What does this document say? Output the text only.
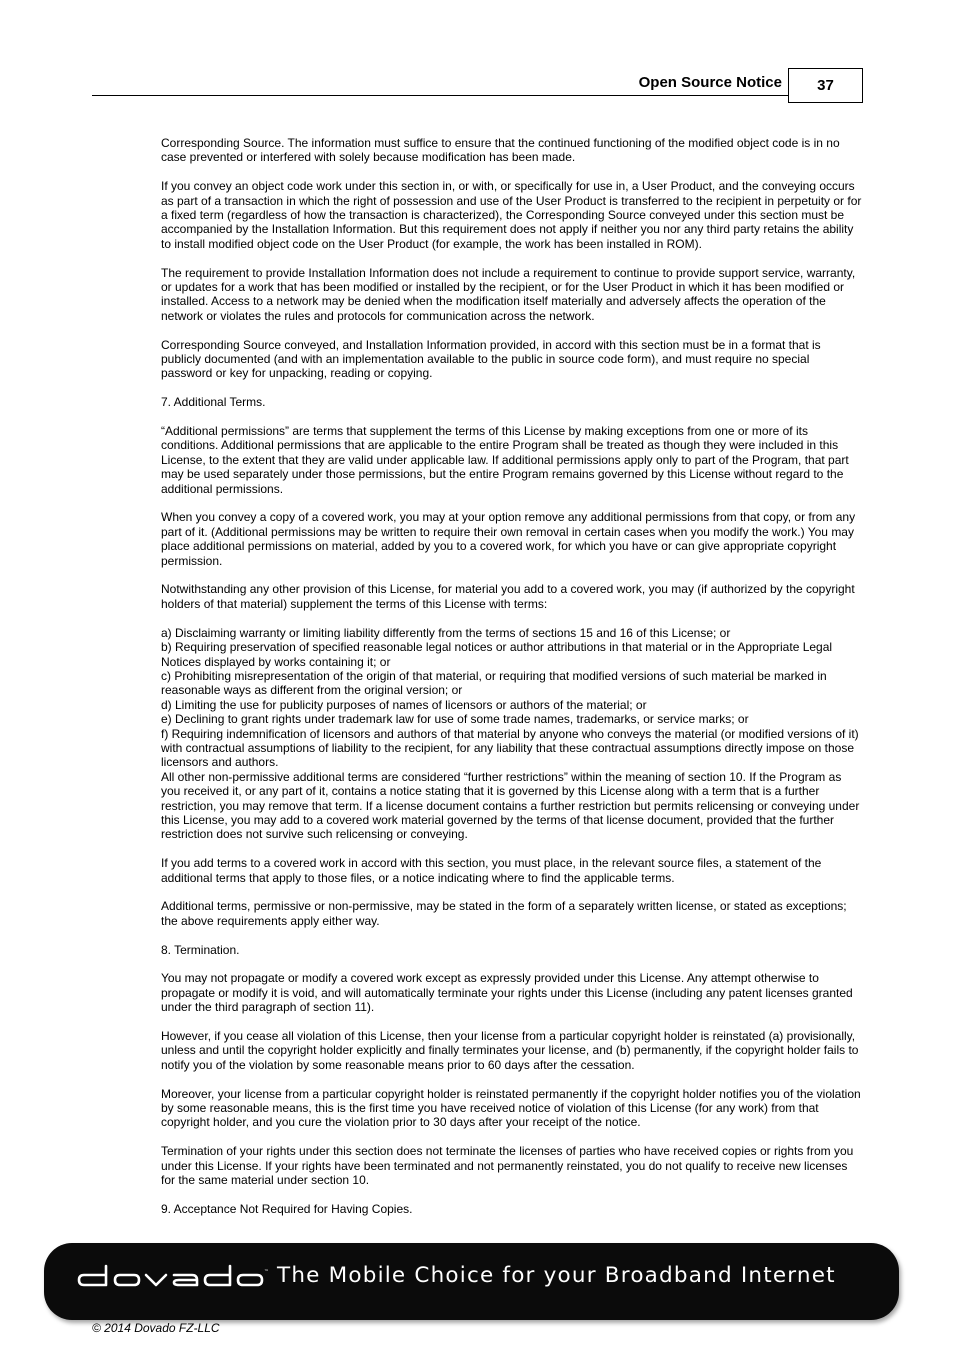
Open Source Notice	37

Corresponding Source. The information must suffice to ensure that the continued functioning of the modified object code is in no case prevented or interfered with solely because modification has been made.

If you convey an object code work under this section in, or with, or specifically for use in, a User Product, and the conveying occurs as part of a transaction in which the right of possession and use of the User Product is transferred to the recipient in perpetuity or for a fixed term (regardless of how the transaction is characterized), the Corresponding Source conveyed under this section must be accompanied by the Installation Information. But this requirement does not apply if neither you nor any third party retains the ability to install modified object code on the User Product (for example, the work has been installed in ROM).

The requirement to provide Installation Information does not include a requirement to continue to provide support service, warranty, or updates for a work that has been modified or installed by the recipient, or for the User Product in which it has been modified or installed. Access to a network may be denied when the modification itself materially and adversely affects the operation of the network or violates the rules and protocols for communication across the network.

Corresponding Source conveyed, and Installation Information provided, in accord with this section must be in a format that is publicly documented (and with an implementation available to the public in source code form), and must require no special password or key for unpacking, reading or copying.

7. Additional Terms.

“Additional permissions” are terms that supplement the terms of this License by making exceptions from one or more of its conditions. Additional permissions that are applicable to the entire Program shall be treated as though they were included in this License, to the extent that they are valid under applicable law. If additional permissions apply only to part of the Program, that part may be used separately under those permissions, but the entire Program remains governed by this License without regard to the additional permissions.

When you convey a copy of a covered work, you may at your option remove any additional permissions from that copy, or from any part of it. (Additional permissions may be written to require their own removal in certain cases when you modify the work.) You may place additional permissions on material, added by you to a covered work, for which you have or can give appropriate copyright permission.

Notwithstanding any other provision of this License, for material you add to a covered work, you may (if authorized by the copyright holders of that material) supplement the terms of this License with terms:

a) Disclaiming warranty or limiting liability differently from the terms of sections 15 and 16 of this License; or

b) Requiring preservation of specified reasonable legal notices or author attributions in that material or in the Appropriate Legal Notices displayed by works containing it; or

c) Prohibiting misrepresentation of the origin of that material, or requiring that modified versions of such material be marked in reasonable ways as different from the original version; or

d) Limiting the use for publicity purposes of names of licensors or authors of the material; or

e) Declining to grant rights under trademark law for use of some trade names, trademarks, or service marks; or

f) Requiring indemnification of licensors and authors of that material by anyone who conveys the material (or modified versions of it) with contractual assumptions of liability to the recipient, for any liability that these contractual assumptions directly impose on those licensors and authors.

All other non-permissive additional terms are considered “further restrictions” within the meaning of section 10. If the Program as you received it, or any part of it, contains a notice stating that it is governed by this License along with a term that is a further restriction, you may remove that term. If a license document contains a further restriction but permits relicensing or conveying under this License, you may add to a covered work material governed by the terms of that license document, provided that the further restriction does not survive such relicensing or conveying.

If you add terms to a covered work in accord with this section, you must place, in the relevant source files, a statement of the additional terms that apply to those files, or a notice indicating where to find the applicable terms.

Additional terms, permissive or non-permissive, may be stated in the form of a separately written license, or stated as exceptions; the above requirements apply either way.

8. Termination.

You may not propagate or modify a covered work except as expressly provided under this License. Any attempt otherwise to propagate or modify it is void, and will automatically terminate your rights under this License (including any patent licenses granted under the third paragraph of section 11).

However, if you cease all violation of this License, then your license from a particular copyright holder is reinstated (a) provisionally, unless and until the copyright holder explicitly and finally terminates your license, and (b) permanently, if the copyright holder fails to notify you of the violation by some reasonable means prior to 60 days after the cessation.

Moreover, your license from a particular copyright holder is reinstated permanently if the copyright holder notifies you of the violation by some reasonable means, this is the first time you have received notice of violation of this License (for any work) from that copyright holder, and you cure the violation prior to 30 days after your receipt of the notice.

Termination of your rights under this section does not terminate the licenses of parties who have received copies or rights from you under this License. If your rights have been terminated and not permanently reinstated, you do not qualify to receive new licenses for the same material under section 10.

9. Acceptance Not Required for Having Copies.

™ The Mobile Choice for your Broadband Internet
© 2014 Dovado FZ-LLC
